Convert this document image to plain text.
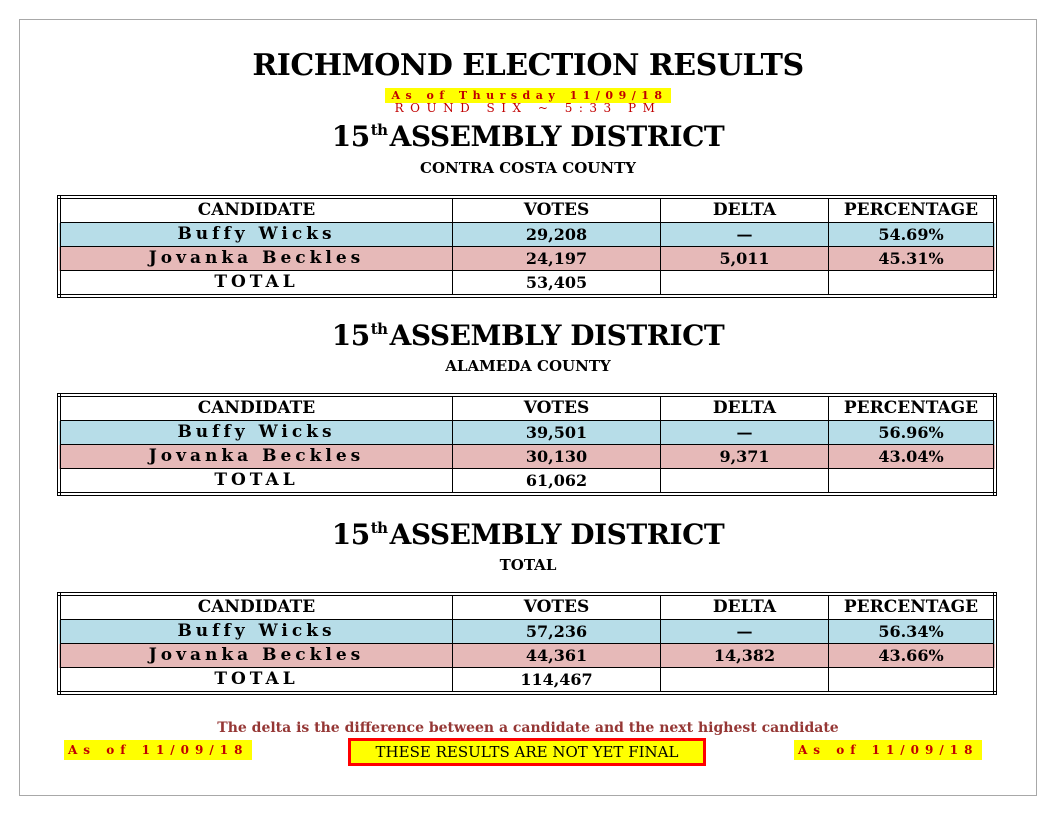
RICHMOND ELECTION RESULTS
As of Thursday 11/09/18
ROUND SIX ~ 5:33 PM
15thASSEMBLY DISTRICT
CONTRA COSTA COUNTY
CANDIDATE	VOTES	DELTA	PERCENTAGE
Buffy Wicks	29,208	—	54.69%
Jovanka Beckles	24,197	5,011	45.31%
TOTAL	53,405		
15thASSEMBLY DISTRICT
ALAMEDA COUNTY
CANDIDATE	VOTES	DELTA	PERCENTAGE
Buffy Wicks	39,501	—	56.96%
Jovanka Beckles	30,130	9,371	43.04%
TOTAL	61,062		
15thASSEMBLY DISTRICT
TOTAL
CANDIDATE	VOTES	DELTA	PERCENTAGE
Buffy Wicks	57,236	—	56.34%
Jovanka Beckles	44,361	14,382	43.66%
TOTAL	114,467		
The delta is the difference between a candidate and the next highest candidate
As of 11/09/18	THESE RESULTS ARE NOT YET FINAL	As of 11/09/18
